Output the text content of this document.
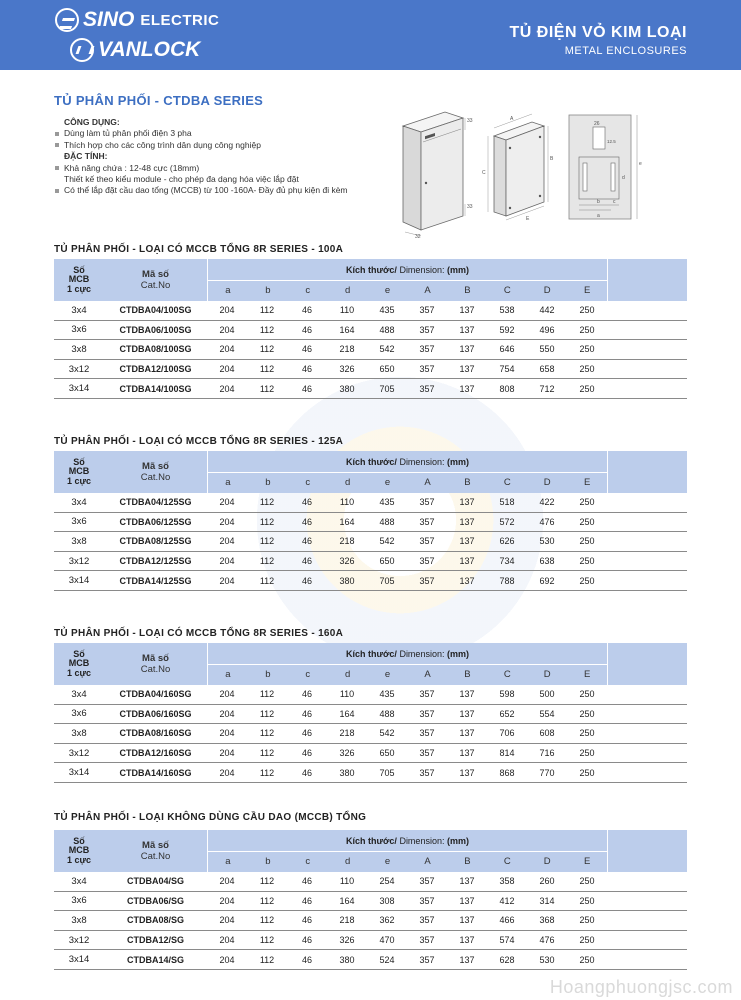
SINO ELECTRIC
VANLOCK
TỦ ĐIỆN VỎ KIM LOẠI
METAL ENCLOSURES
TỦ PHÂN PHỐI - CTDBA SERIES
CÔNG DỤNG:
Dùng làm tủ phân phối điện 3 pha
Thích hợp cho các công trình dân dụng công nghiệp
ĐẶC TÍNH:
Khả năng chứa : 12-48 cực (18mm)
Thiết kế theo kiểu module - cho phép đa dạng hóa việc lắp đặt
Có thể lắp đặt cầu dao tổng (MCCB) từ 100 -160A- Đầy đủ phụ kiện đi kèm
33
33
32
A
B
C
E
26
12.5
d
e
a
b	c
TỦ PHÂN PHỐI - LOẠI CÓ MCCB TỔNG 8R SERIES - 100A
Số
MCB
1 cực
Mã số
Cat.No
Kích thước/ Dimension: (mm)
a	b	c	d	e	A	B	C	D	E
3x4	CTDBA04/100SG	204	112	46	110	435	357	137	538	442	250
3x6	CTDBA06/100SG	204	112	46	164	488	357	137	592	496	250
3x8	CTDBA08/100SG	204	112	46	218	542	357	137	646	550	250
3x12	CTDBA12/100SG	204	112	46	326	650	357	137	754	658	250
3x14	CTDBA14/100SG	204	112	46	380	705	357	137	808	712	250
TỦ PHÂN PHỐI - LOẠI CÓ MCCB TỔNG 8R SERIES - 125A
Số
MCB
1 cực
Mã số
Cat.No
Kích thước/ Dimension: (mm)
a	b	c	d	e	A	B	C	D	E
3x4	CTDBA04/125SG	204	112	46	110	435	357	137	518	422	250
3x6	CTDBA06/125SG	204	112	46	164	488	357	137	572	476	250
3x8	CTDBA08/125SG	204	112	46	218	542	357	137	626	530	250
3x12	CTDBA12/125SG	204	112	46	326	650	357	137	734	638	250
3x14	CTDBA14/125SG	204	112	46	380	705	357	137	788	692	250
TỦ PHÂN PHỐI - LOẠI CÓ MCCB TỔNG 8R SERIES - 160A
Số
MCB
1 cực
Mã số
Cat.No
Kích thước/ Dimension: (mm)
a	b	c	d	e	A	B	C	D	E
3x4	CTDBA04/160SG	204	112	46	110	435	357	137	598	500	250
3x6	CTDBA06/160SG	204	112	46	164	488	357	137	652	554	250
3x8	CTDBA08/160SG	204	112	46	218	542	357	137	706	608	250
3x12	CTDBA12/160SG	204	112	46	326	650	357	137	814	716	250
3x14	CTDBA14/160SG	204	112	46	380	705	357	137	868	770	250
TỦ PHÂN PHỐI - LOẠI KHÔNG DÙNG CẦU DAO (MCCB) TỔNG
Số
MCB
1 cực
Mã số
Cat.No
Kích thước/ Dimension: (mm)
a	b	c	d	e	A	B	C	D	E
3x4	CTDBA04/SG	204	112	46	110	254	357	137	358	260	250
3x6	CTDBA06/SG	204	112	46	164	308	357	137	412	314	250
3x8	CTDBA08/SG	204	112	46	218	362	357	137	466	368	250
3x12	CTDBA12/SG	204	112	46	326	470	357	137	574	476	250
3x14	CTDBA14/SG	204	112	46	380	524	357	137	628	530	250
Hoangphuongjsc.com
